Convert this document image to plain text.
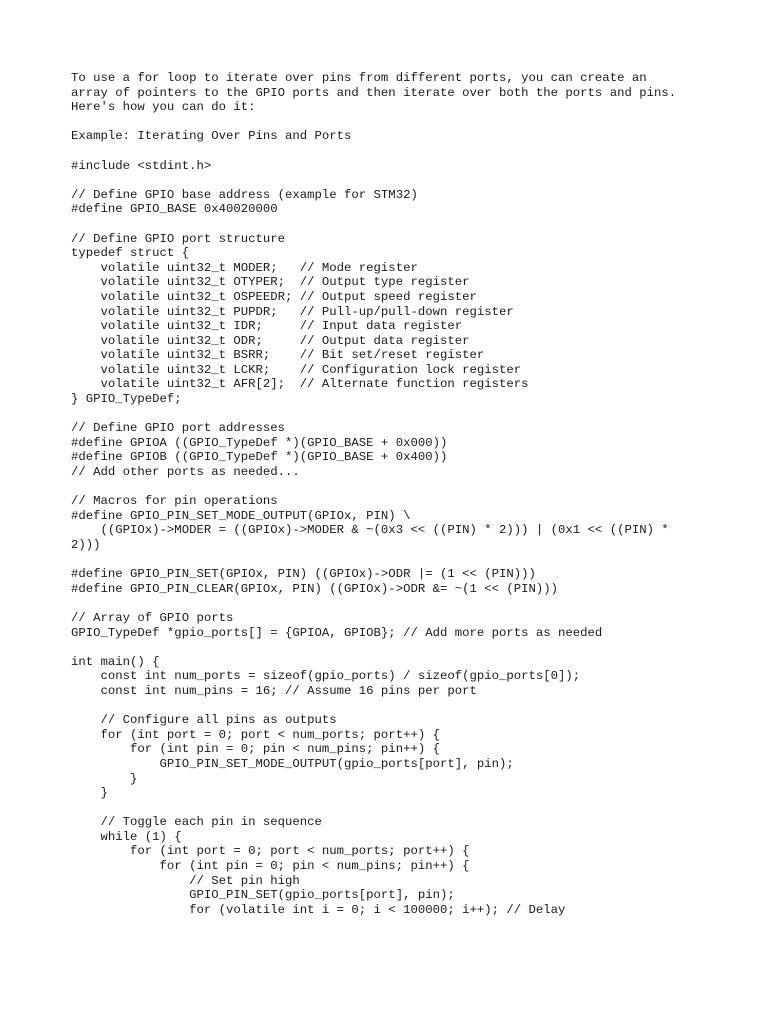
To use a for loop to iterate over pins from different ports, you can create an
array of pointers to the GPIO ports and then iterate over both the ports and pins.
Here's how you can do it:
Example: Iterating Over Pins and Ports
#include <stdint.h>
// Define GPIO base address (example for STM32)
#define GPIO_BASE 0x40020000
// Define GPIO port structure
typedef struct {
volatile uint32_t MODER;   // Mode register
volatile uint32_t OTYPER;  // Output type register
volatile uint32_t OSPEEDR; // Output speed register
volatile uint32_t PUPDR;   // Pull-up/pull-down register
volatile uint32_t IDR;     // Input data register
volatile uint32_t ODR;     // Output data register
volatile uint32_t BSRR;    // Bit set/reset register
volatile uint32_t LCKR;    // Configuration lock register
volatile uint32_t AFR[2];  // Alternate function registers
} GPIO_TypeDef;
// Define GPIO port addresses
#define GPIOA ((GPIO_TypeDef *)(GPIO_BASE + 0x000))
#define GPIOB ((GPIO_TypeDef *)(GPIO_BASE + 0x400))
// Add other ports as needed...
// Macros for pin operations
#define GPIO_PIN_SET_MODE_OUTPUT(GPIOx, PIN) \
((GPIOx)->MODER = ((GPIOx)->MODER & ~(0x3 << ((PIN) * 2))) | (0x1 << ((PIN) *
2)))
#define GPIO_PIN_SET(GPIOx, PIN) ((GPIOx)->ODR |= (1 << (PIN)))
#define GPIO_PIN_CLEAR(GPIOx, PIN) ((GPIOx)->ODR &= ~(1 << (PIN)))
// Array of GPIO ports
GPIO_TypeDef *gpio_ports[] = {GPIOA, GPIOB}; // Add more ports as needed
int main() {
const int num_ports = sizeof(gpio_ports) / sizeof(gpio_ports[0]);
const int num_pins = 16; // Assume 16 pins per port
// Configure all pins as outputs
for (int port = 0; port < num_ports; port++) {
for (int pin = 0; pin < num_pins; pin++) {
GPIO_PIN_SET_MODE_OUTPUT(gpio_ports[port], pin);
}
}
// Toggle each pin in sequence
while (1) {
for (int port = 0; port < num_ports; port++) {
for (int pin = 0; pin < num_pins; pin++) {
// Set pin high
GPIO_PIN_SET(gpio_ports[port], pin);
for (volatile int i = 0; i < 100000; i++); // Delay
